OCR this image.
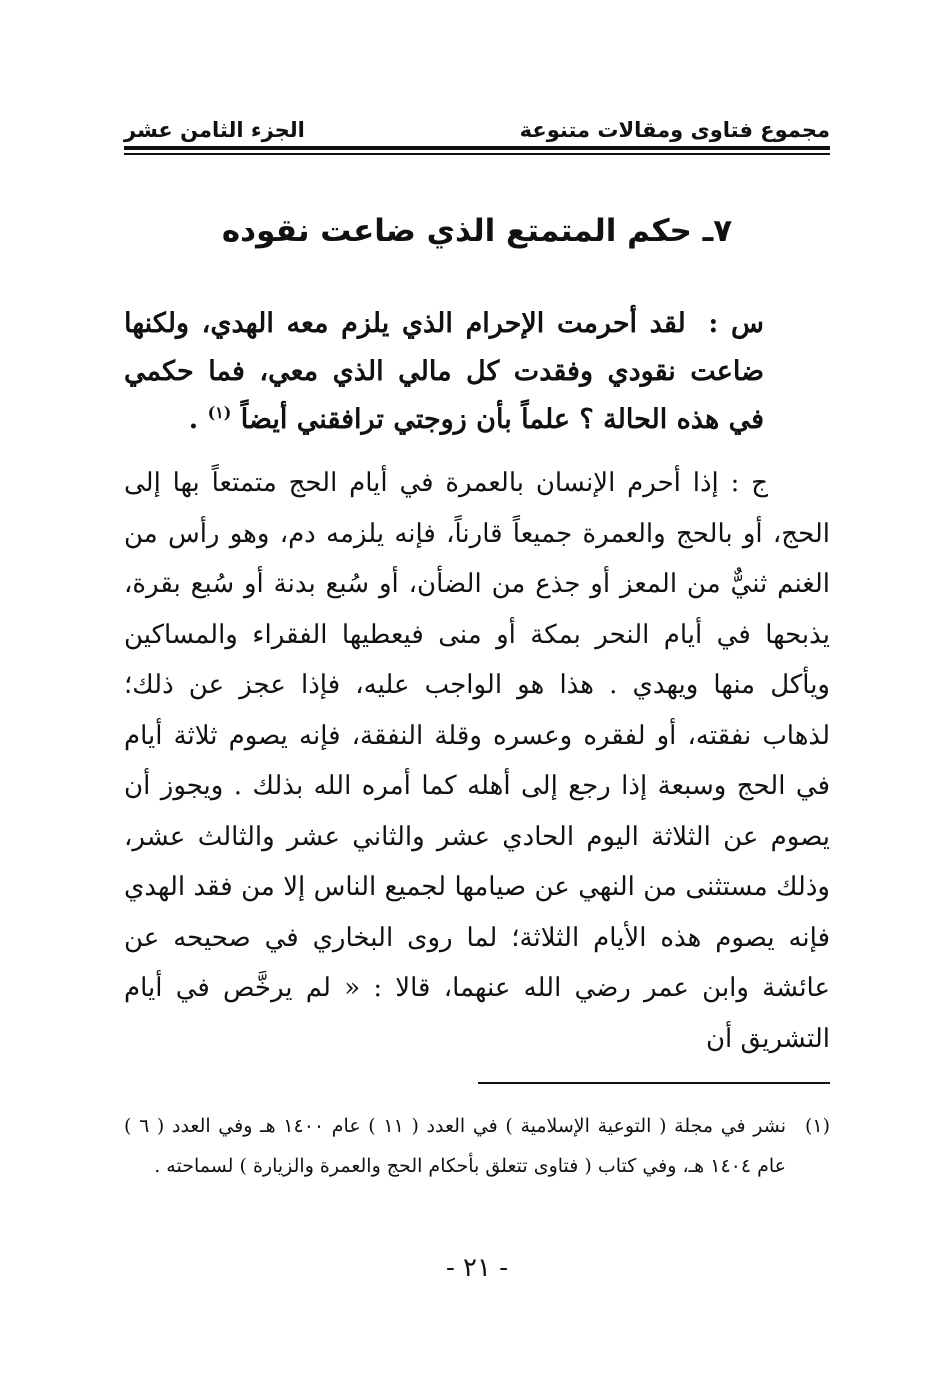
مجموع فتاوى ومقالات متنوعة
الجزء الثامن عشر
٧ـ حكم المتمتع الذي ضاعت نقوده
س : لقد أحرمت الإحرام الذي يلزم معه الهدي، ولكنها ضاعت نقودي وفقدت كل مالي الذي معي، فما حكمي في هذه الحالة ؟ علماً بأن زوجتي ترافقني أيضاً $^{(١)}$ .
ج : إذا أحرم الإنسان بالعمرة في أيام الحج متمتعاً بها إلى الحج، أو بالحج والعمرة جميعاً قارناً، فإنه يلزمه دم، وهو رأس من الغنم ثنيٌّ من المعز أو جذع من الضأن، أو سُبع بدنة أو سُبع بقرة، يذبحها في أيام النحر بمكة أو منى فيعطيها الفقراء والمساكين ويأكل منها ويهدي . هذا هو الواجب عليه، فإذا عجز عن ذلك؛ لذهاب نفقته، أو لفقره وعسره وقلة النفقة، فإنه يصوم ثلاثة أيام في الحج وسبعة إذا رجع إلى أهله كما أمره الله بذلك . ويجوز أن يصوم عن الثلاثة اليوم الحادي عشر والثاني عشر والثالث عشر، وذلك مستثنى من النهي عن صيامها لجميع الناس إلا من فقد الهدي فإنه يصوم هذه الأيام الثلاثة؛ لما روى البخاري في صحيحه عن عائشة وابن عمر رضي الله عنهما، قالا : « لم يرخَّص في أيام التشريق أن
(١)
نشر في مجلة ( التوعية الإسلامية ) في العدد ( ١١ ) عام ١٤٠٠ هـ وفي العدد ( ٦ ) عام ١٤٠٤ هـ، وفي كتاب ( فتاوى تتعلق بأحكام الحج والعمرة والزيارة ) لسماحته .
- ٢١ -
